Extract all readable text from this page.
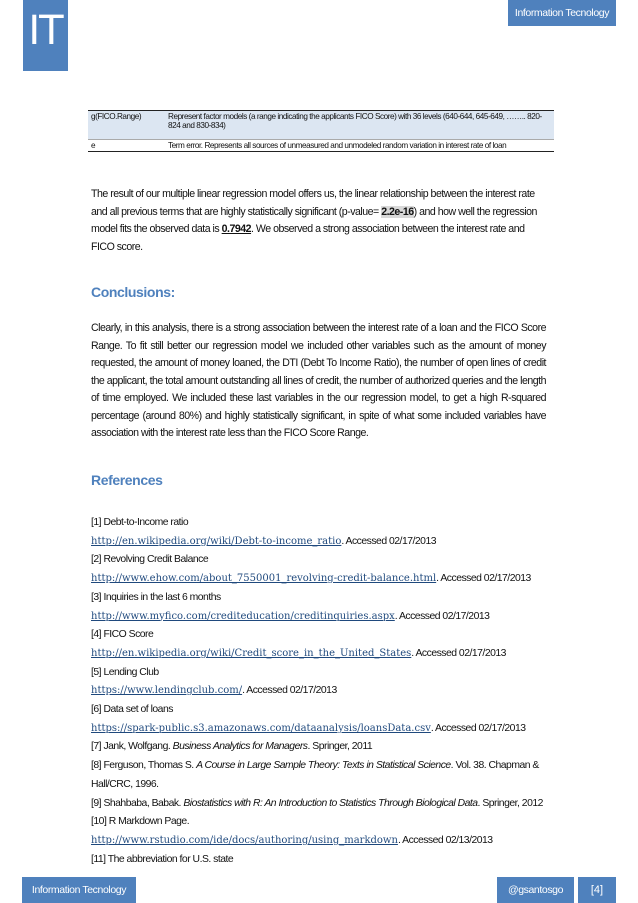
IT	Information Tecnology
g(FICO.Range)	Represent factor models (a range indicating the applicants FICO Score) with 36 levels (640-644, 645-649, …….. 820-824 and 830-834)
e	Term error. Represents all sources of unmeasured and unmodeled random variation in interest rate of loan
The result of our multiple linear regression model offers us, the linear relationship between the interest rate and all previous terms that are highly statistically significant (p-value= 2.2e-16) and how well the regression model fits the observed data is 0.7942. We observed a strong association between the interest rate and FICO score.
Conclusions:
Clearly, in this analysis, there is a strong association between the interest rate of a loan and the FICO Score Range. To fit still better our regression model we included other variables such as the amount of money requested, the amount of money loaned, the DTI (Debt To Income Ratio), the number of open lines of credit the applicant, the total amount outstanding all lines of credit, the number of authorized queries and the length of time employed. We included these last variables in the our regression model, to get a high R-squared percentage (around 80%) and highly statistically significant, in spite of what some included variables have association with the interest rate less than the FICO Score Range.
References
[1] Debt-to-Income ratio
http://en.wikipedia.org/wiki/Debt-to-income_ratio. Accessed 02/17/2013
[2] Revolving Credit Balance
http://www.ehow.com/about_7550001_revolving-credit-balance.html. Accessed 02/17/2013
[3] Inquiries in the last 6 months
http://www.myfico.com/crediteducation/creditinquiries.aspx. Accessed 02/17/2013
[4] FICO Score
http://en.wikipedia.org/wiki/Credit_score_in_the_United_States. Accessed 02/17/2013
[5] Lending Club
https://www.lendingclub.com/. Accessed 02/17/2013
[6] Data set of loans
https://spark-public.s3.amazonaws.com/dataanalysis/loansData.csv. Accessed 02/17/2013
[7] Jank, Wolfgang. Business Analytics for Managers. Springer, 2011
[8] Ferguson, Thomas S. A Course in Large Sample Theory: Texts in Statistical Science. Vol. 38. Chapman &
Hall/CRC, 1996.
[9] Shahbaba, Babak. Biostatistics with R: An Introduction to Statistics Through Biological Data. Springer, 2012
[10] R Markdown Page.
http://www.rstudio.com/ide/docs/authoring/using_markdown. Accessed 02/13/2013
[11] The abbreviation for U.S. state
Information Tecnology	@gsantosgo	[4]
